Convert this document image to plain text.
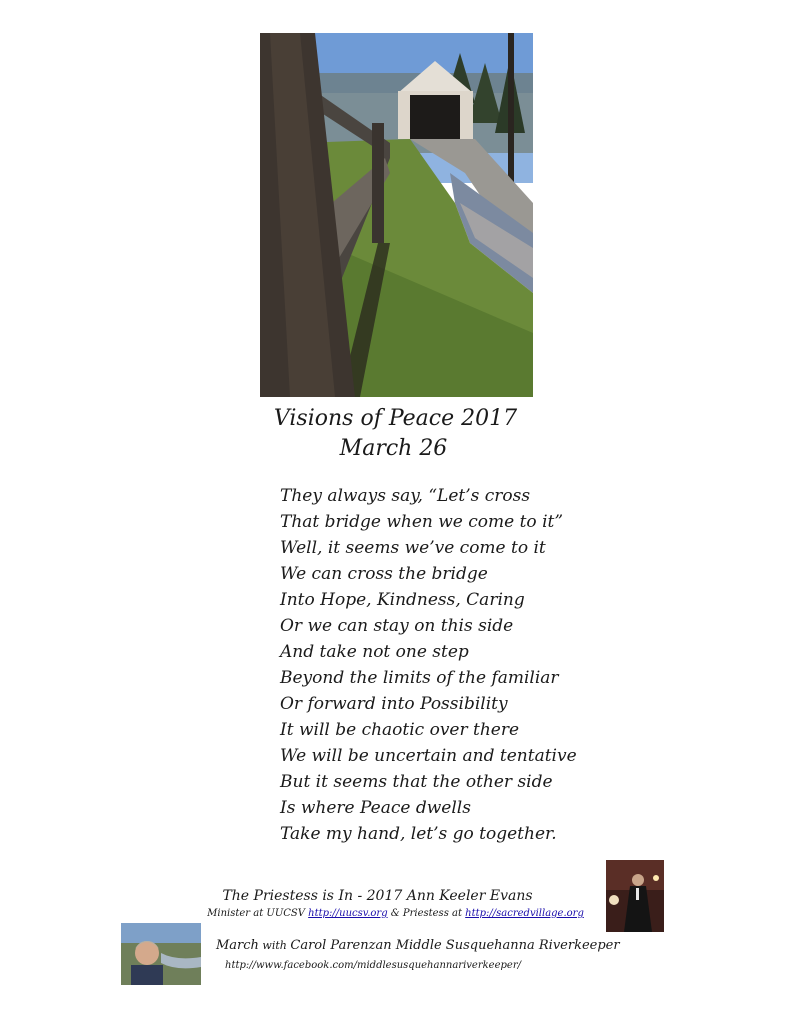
Visions of Peace 2017
March 26
They always say, “Let’s cross
That bridge when we come to it”
Well, it seems we’ve come to it
We can cross the bridge
Into Hope, Kindness, Caring
Or we can stay on this side
And take not one step
Beyond the limits of the familiar
Or forward into Possibility
It will be chaotic over there
We will be uncertain and tentative
But it seems that the other side
Is where Peace dwells
Take my hand, let’s go together.
The Priestess is In - 2017 Ann Keeler Evans
Minister at UUCSV http://uucsv.org & Priestess at http://sacredvillage.org
March with Carol Parenzan Middle Susquehanna Riverkeeper
http://www.facebook.com/middlesusquehannariverkeeper/
